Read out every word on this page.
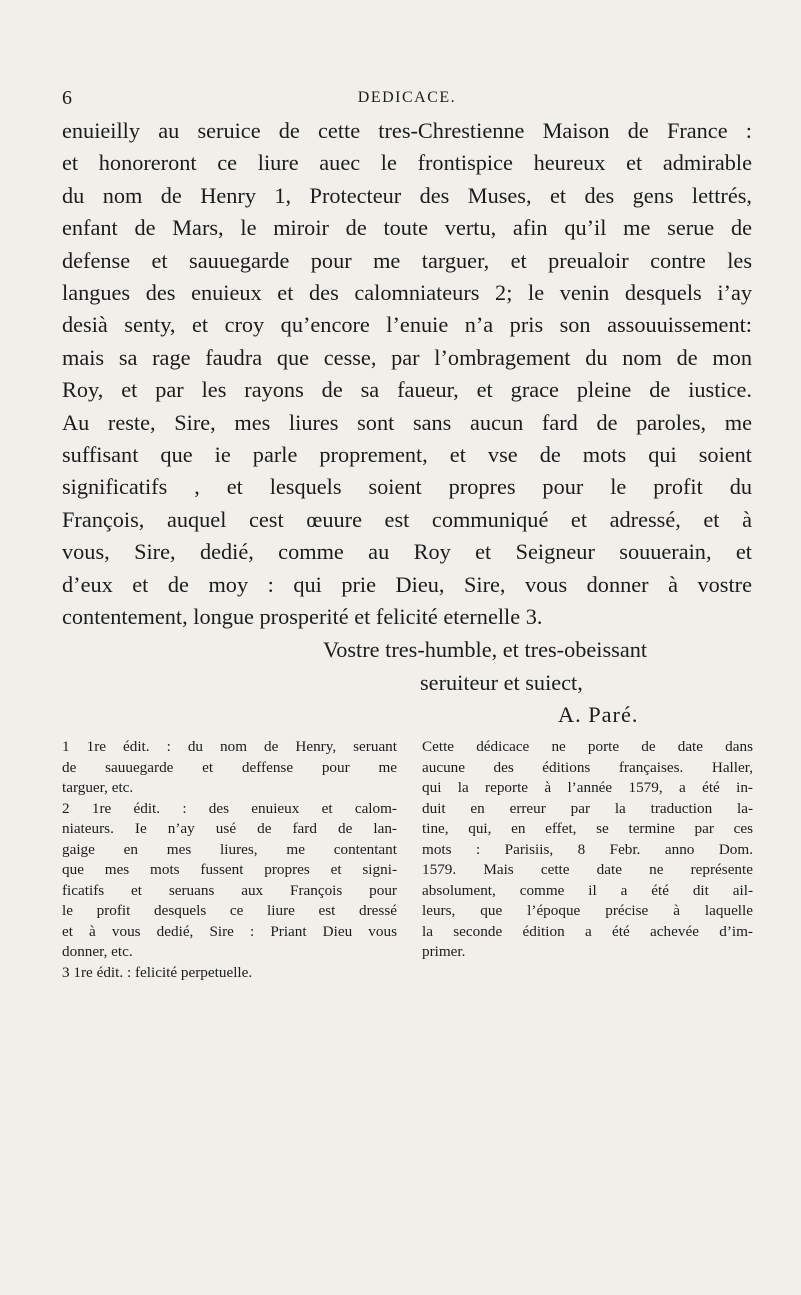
6	DEDICACE.
enuieilly au seruice de cette tres-Chrestienne Maison de France :
et honoreront ce liure auec le frontispice heureux et admirable
du nom de Henry 1, Protecteur des Muses, et des gens lettrés,
enfant de Mars, le miroir de toute vertu, afin qu’il me serue de
defense et sauuegarde pour me targuer, et preualoir contre les
langues des enuieux et des calomniateurs 2; le venin desquels i’ay
desià senty, et croy qu’encore l’enuie n’a pris son assouuissement:
mais sa rage faudra que cesse, par l’ombragement du nom de mon
Roy, et par les rayons de sa faueur, et grace pleine de iustice.
Au reste, Sire, mes liures sont sans aucun fard de paroles, me
suffisant que ie parle proprement, et vse de mots qui soient
significatifs , et lesquels soient propres pour le profit du
François, auquel cest œuure est communiqué et adressé, et à
vous, Sire, dedié, comme au Roy et Seigneur souuerain, et
d’eux et de moy : qui prie Dieu, Sire, vous donner à vostre
contentement, longue prosperité et felicité eternelle 3.
Vostre tres-humble, et tres-obeissant
seruiteur et suiect,
A. Paré.
1 1re édit. : du nom de Henry, seruant
de sauuegarde et deffense pour me
targuer, etc.
2 1re édit. : des enuieux et calom-
niateurs. Ie n’ay usé de fard de lan-
gaige en mes liures, me contentant
que mes mots fussent propres et signi-
ficatifs et seruans aux François pour
le profit desquels ce liure est dressé
et à vous dedié, Sire : Priant Dieu vous
donner, etc.
3 1re édit. : felicité perpetuelle.
Cette dédicace ne porte de date dans
aucune des éditions françaises. Haller,
qui la reporte à l’année 1579, a été in-
duit en erreur par la traduction la-
tine, qui, en effet, se termine par ces
mots : Parisiis, 8 Febr. anno Dom.
1579. Mais cette date ne représente
absolument, comme il a été dit ail-
leurs, que l’époque précise à laquelle
la seconde édition a été achevée d’im-
primer.
